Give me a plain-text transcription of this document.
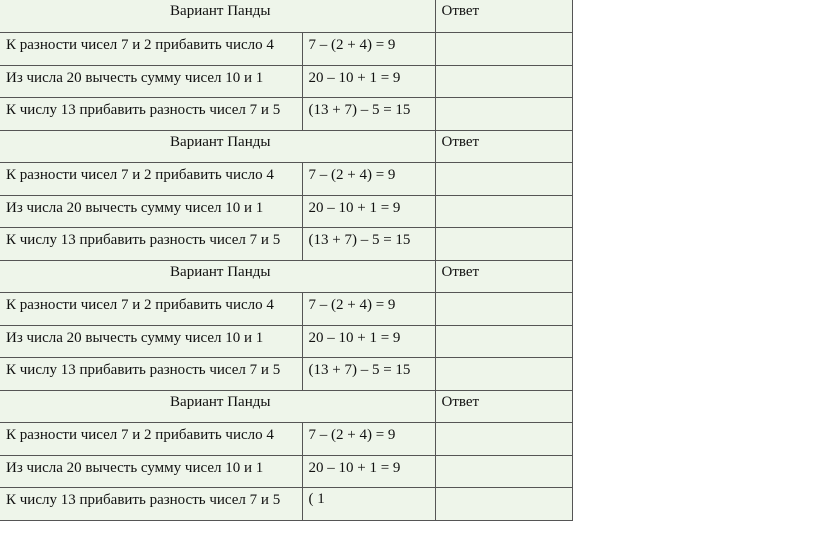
Вариант Панды		Ответ
К разности чисел 7 и 2 прибавить число 4	7 – (2 + 4) = 9	
Из числа 20 вычесть сумму чисел 10 и 1	20 – 10 + 1 = 9	
К числу 13 прибавить разность чисел 7 и 5	(13 + 7) – 5 = 15	
Вариант Панды		Ответ
К разности чисел 7 и 2 прибавить число 4	7 – (2 + 4) = 9	
Из числа 20 вычесть сумму чисел 10 и 1	20 – 10 + 1 = 9	
К числу 13 прибавить разность чисел 7 и 5	(13 + 7) – 5 = 15	
Вариант Панды		Ответ
К разности чисел 7 и 2 прибавить число 4	7 – (2 + 4) = 9	
Из числа 20 вычесть сумму чисел 10 и 1	20 – 10 + 1 = 9	
К числу 13 прибавить разность чисел 7 и 5	(13 + 7) – 5 = 15	
Вариант Панды		Ответ
К разности чисел 7 и 2 прибавить число 4	7 – (2 + 4) = 9	
Из числа 20 вычесть сумму чисел 10 и 1	20 – 10 + 1 = 9	
К числу 13 прибавить разность чисел 7 и 5	( 1	
